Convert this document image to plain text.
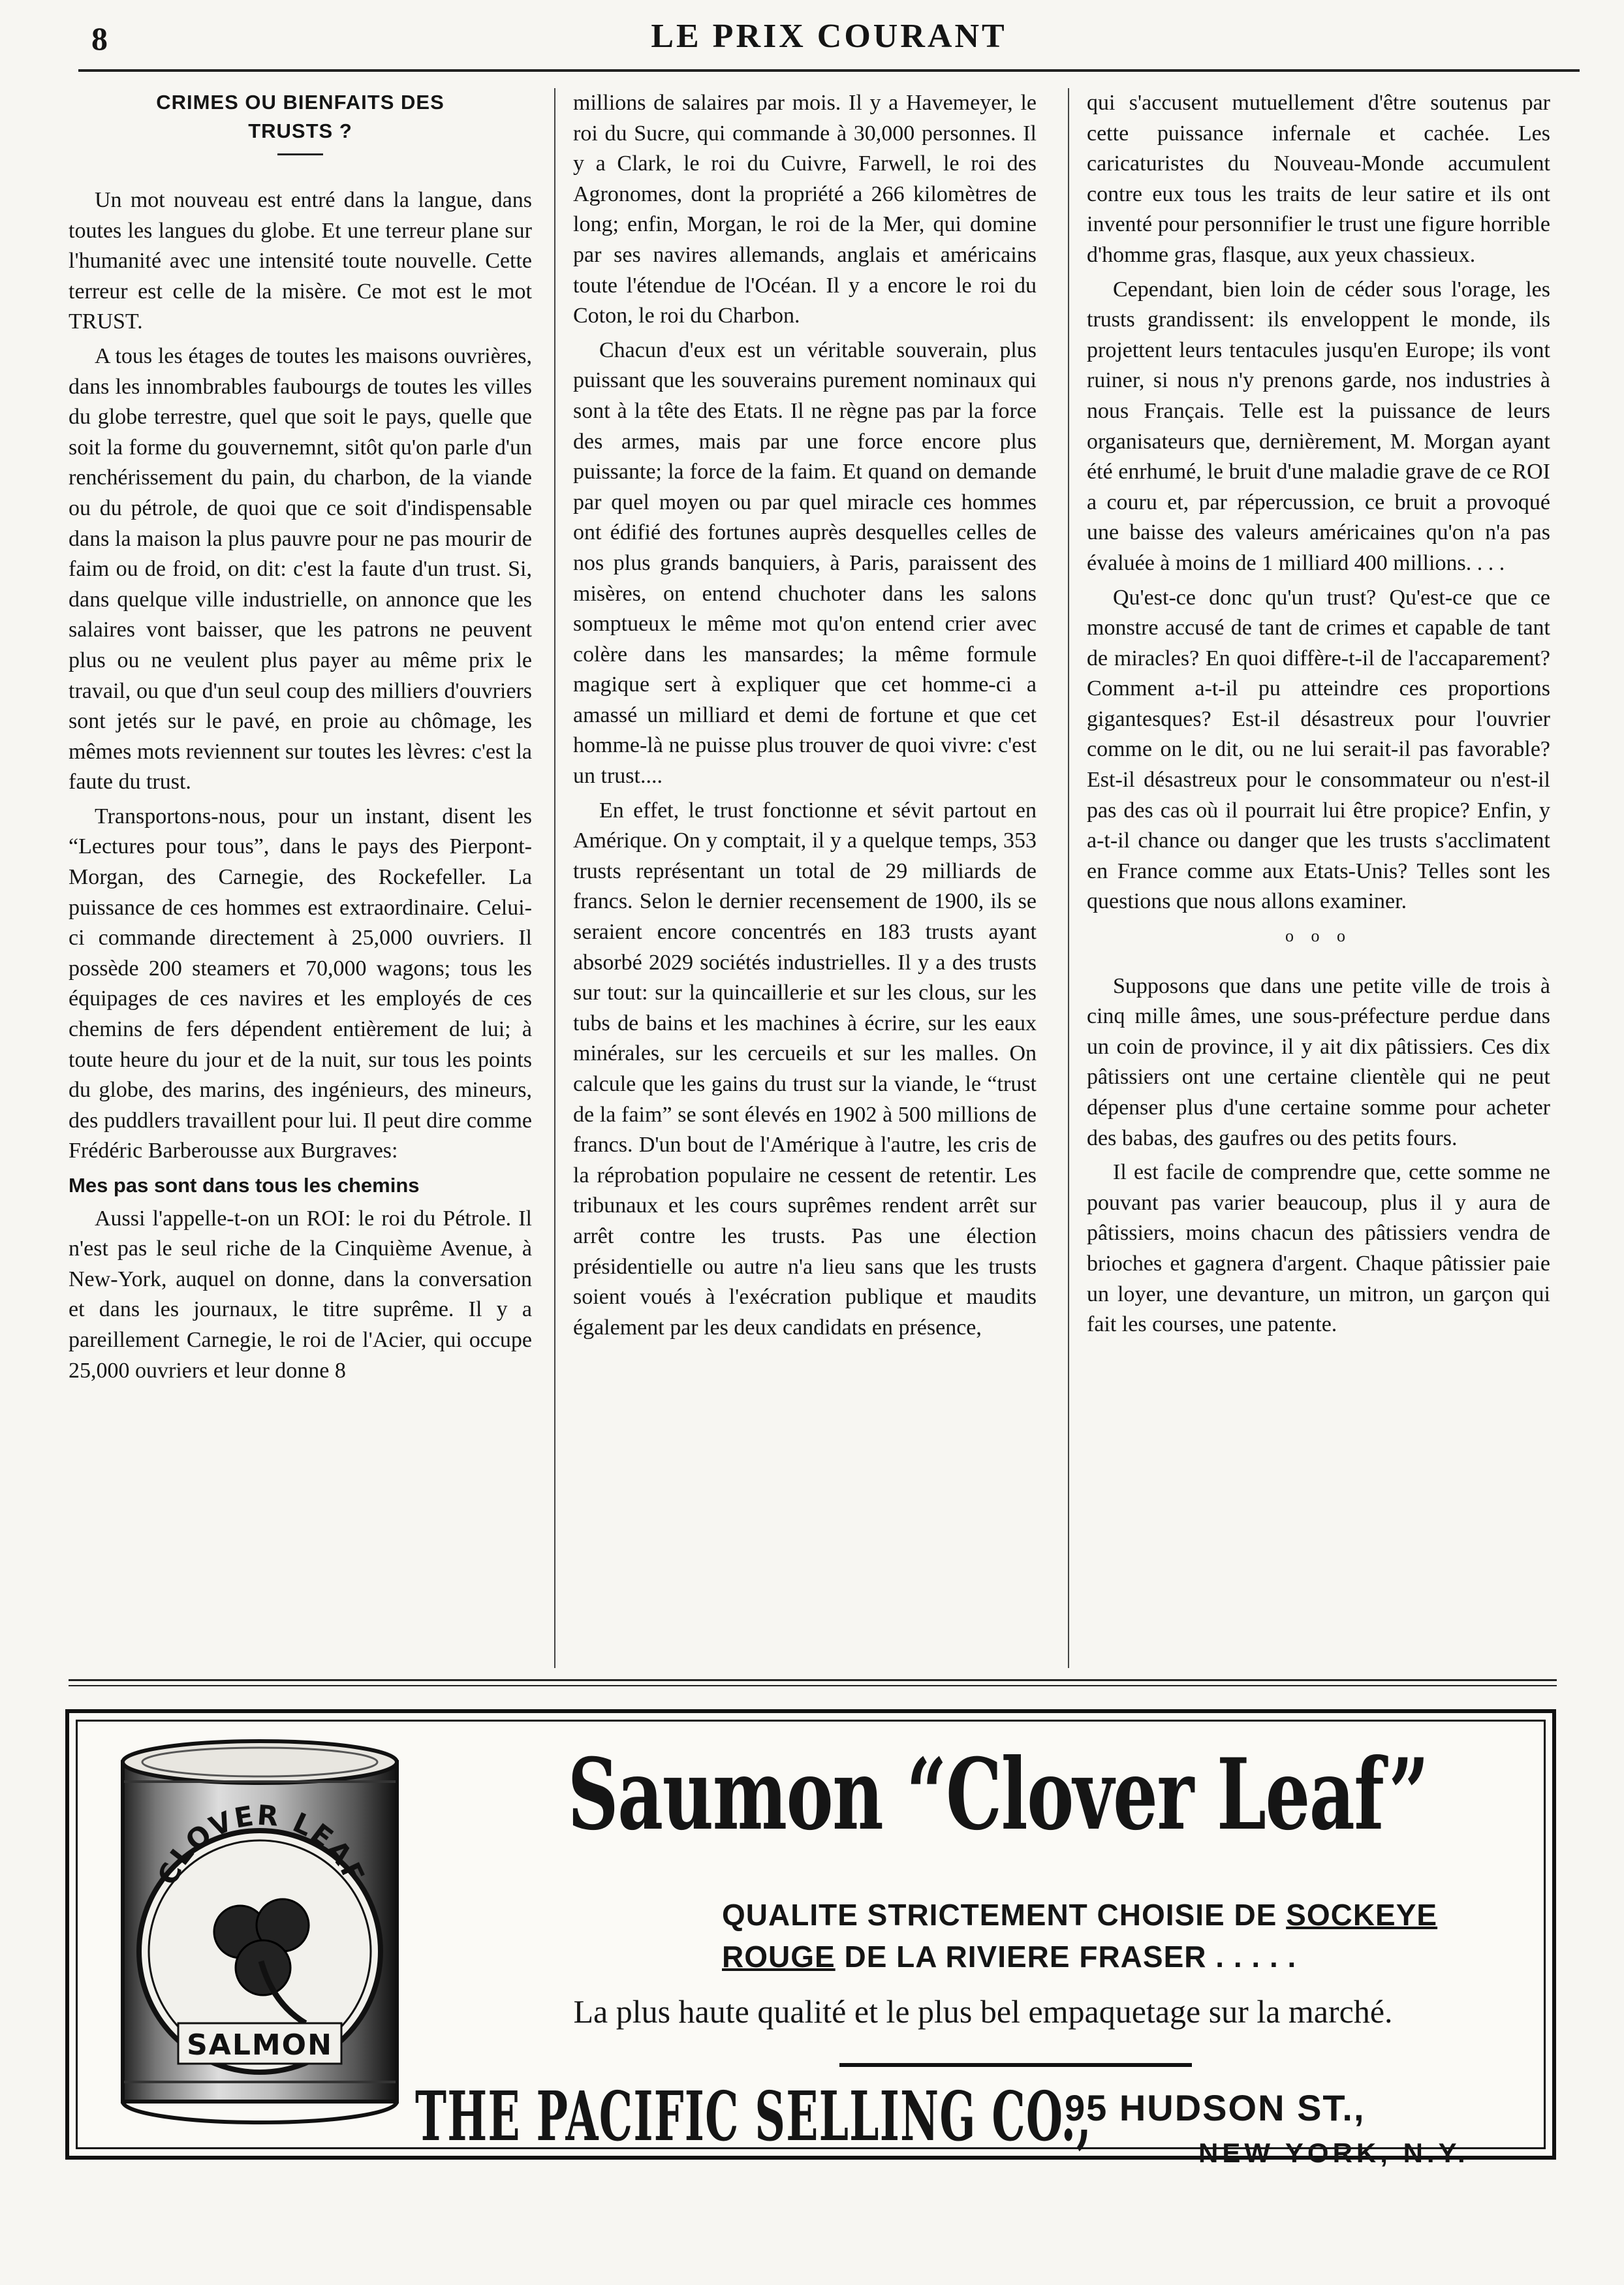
8	LE PRIX COURANT
CRIMES OU BIENFAITS DES
TRUSTS ?

Un mot nouveau est entré dans la langue, dans toutes les langues du globe. Et une terreur plane sur l'humanité avec une intensité toute nouvelle. Cette terreur est celle de la misère. Ce mot est le mot TRUST.

A tous les étages de toutes les maisons ouvrières, dans les innombrables faubourgs de toutes les villes du globe terrestre, quel que soit le pays, quelle que soit la forme du gouvernemnt, sitôt qu'on parle d'un renchérissement du pain, du charbon, de la viande ou du pétrole, de quoi que ce soit d'indispensable dans la maison la plus pauvre pour ne pas mourir de faim ou de froid, on dit: c'est la faute d'un trust. Si, dans quelque ville industrielle, on annonce que les salaires vont baisser, que les patrons ne peuvent plus ou ne veulent plus payer au même prix le travail, ou que d'un seul coup des milliers d'ouvriers sont jetés sur le pavé, en proie au chômage, les mêmes mots reviennent sur toutes les lèvres: c'est la faute du trust.

Transportons-nous, pour un instant, disent les “Lectures pour tous”, dans le pays des Pierpont-Morgan, des Carnegie, des Rockefeller. La puissance de ces hommes est extraordinaire. Celui-ci commande directement à 25,000 ouvriers. Il possède 200 steamers et 70,000 wagons; tous les équipages de ces navires et les employés de ces chemins de fers dépendent entièrement de lui; à toute heure du jour et de la nuit, sur tous les points du globe, des marins, des ingénieurs, des mineurs, des puddlers travaillent pour lui. Il peut dire comme Frédéric Barberousse aux Burgraves:

Mes pas sont dans tous les chemins

Aussi l'appelle-t-on un ROI: le roi du Pétrole. Il n'est pas le seul riche de la Cinquième Avenue, à New-York, auquel on donne, dans la conversation et dans les journaux, le titre suprême. Il y a pareillement Carnegie, le roi de l'Acier, qui occupe 25,000 ouvriers et leur donne 8

millions de salaires par mois. Il y a Havemeyer, le roi du Sucre, qui commande à 30,000 personnes. Il y a Clark, le roi du Cuivre, Farwell, le roi des Agronomes, dont la propriété a 266 kilomètres de long; enfin, Morgan, le roi de la Mer, qui domine par ses navires allemands, anglais et américains toute l'étendue de l'Océan. Il y a encore le roi du Coton, le roi du Charbon.

Chacun d'eux est un véritable souverain, plus puissant que les souverains purement nominaux qui sont à la tête des Etats. Il ne règne pas par la force des armes, mais par une force encore plus puissante; la force de la faim. Et quand on demande par quel moyen ou par quel miracle ces hommes ont édifié des fortunes auprès desquelles celles de nos plus grands banquiers, à Paris, paraissent des misères, on entend chuchoter dans les salons somptueux le même mot qu'on entend crier avec colère dans les mansardes; la même formule magique sert à expliquer que cet homme-ci a amassé un milliard et demi de fortune et que cet homme-là ne puisse plus trouver de quoi vivre: c'est un trust....

En effet, le trust fonctionne et sévit partout en Amérique. On y comptait, il y a quelque temps, 353 trusts représentant un total de 29 milliards de francs. Selon le dernier recensement de 1900, ils se seraient encore concentrés en 183 trusts ayant absorbé 2029 sociétés industrielles. Il y a des trusts sur tout: sur la quincaillerie et sur les clous, sur les tubs de bains et les machines à écrire, sur les eaux minérales, sur les cercueils et sur les malles. On calcule que les gains du trust sur la viande, le “trust de la faim” se sont élevés en 1902 à 500 millions de francs. D'un bout de l'Amérique à l'autre, les cris de la réprobation populaire ne cessent de retentir. Les tribunaux et les cours suprêmes rendent arrêt sur arrêt contre les trusts. Pas une élection présidentielle ou autre n'a lieu sans que les trusts soient voués à l'exécration publique et maudits également par les deux candidats en présence,

qui s'accusent mutuellement d'être soutenus par cette puissance infernale et cachée. Les caricaturistes du Nouveau-Monde accumulent contre eux tous les traits de leur satire et ils ont inventé pour personnifier le trust une figure horrible d'homme gras, flasque, aux yeux chassieux.

Cependant, bien loin de céder sous l'orage, les trusts grandissent: ils enveloppent le monde, ils projettent leurs tentacules jusqu'en Europe; ils vont ruiner, si nous n'y prenons garde, nos industries à nous Français. Telle est la puissance de leurs organisateurs que, dernièrement, M. Morgan ayant été enrhumé, le bruit d'une maladie grave de ce ROI a couru et, par répercussion, ce bruit a provoqué une baisse des valeurs américaines qu'on n'a pas évaluée à moins de 1 milliard 400 millions. . . .

Qu'est-ce donc qu'un trust? Qu'est-ce que ce monstre accusé de tant de crimes et capable de tant de miracles? En quoi diffère-t-il de l'accaparement? Comment a-t-il pu atteindre ces proportions gigantesques? Est-il désastreux pour l'ouvrier comme on le dit, ou ne lui serait-il pas favorable? Est-il désastreux pour le consommateur ou n'est-il pas des cas où il pourrait lui être propice? Enfin, y a-t-il chance ou danger que les trusts s'acclimatent en France comme aux Etats-Unis? Telles sont les questions que nous allons examiner.

o o o

Supposons que dans une petite ville de trois à cinq mille âmes, une sous-préfecture perdue dans un coin de province, il y ait dix pâtissiers. Ces dix pâtissiers ont une certaine clientèle qui ne peut dépenser plus d'une certaine somme pour acheter des babas, des gaufres ou des petits fours.

Il est facile de comprendre que, cette somme ne pouvant pas varier beaucoup, plus il y aura de pâtissiers, moins chacun des pâtissiers vendra de brioches et gagnera d'argent. Chaque pâtissier paie un loyer, une devanture, un mitron, un garçon qui fait les courses, une patente.

CLOVER LEAF
SALMON
Saumon “Clover Leaf”
QUALITE STRICTEMENT CHOISIE DE SOCKEYE
ROUGE DE LA RIVIERE FRASER . . . . .
La plus haute qualité et le plus bel empaquetage sur la marché.
THE PACIFIC SELLING CO.,
95 HUDSON ST.,
NEW YORK, N.Y.
